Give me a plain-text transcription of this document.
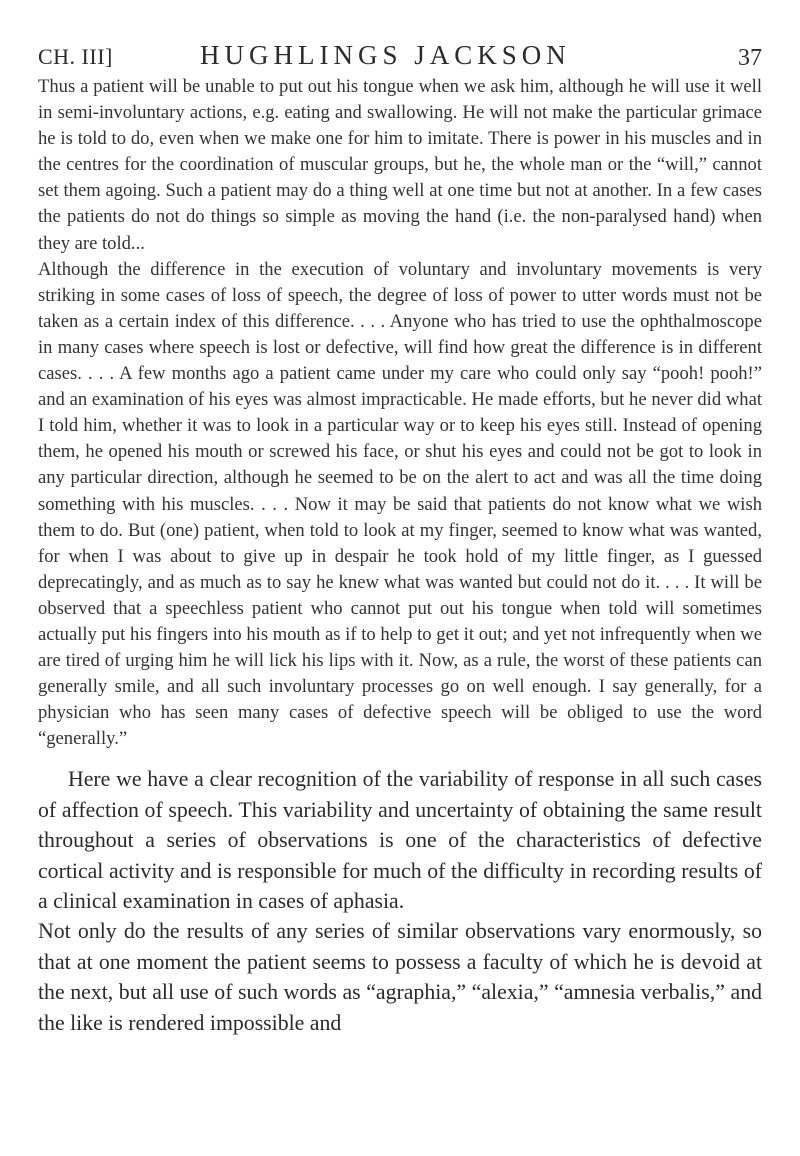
CH. III]	HUGHLINGS JACKSON	37

Thus a patient will be unable to put out his tongue when we ask him, although he will use it well in semi-involuntary actions, e.g. eating and swallowing. He will not make the particular grimace he is told to do, even when we make one for him to imitate. There is power in his muscles and in the centres for the coordination of muscular groups, but he, the whole man or the “will,” cannot set them agoing. Such a patient may do a thing well at one time but not at another. In a few cases the patients do not do things so simple as moving the hand (i.e. the non-paralysed hand) when they are told...

Although the difference in the execution of voluntary and involuntary movements is very striking in some cases of loss of speech, the degree of loss of power to utter words must not be taken as a certain index of this difference. . . . Anyone who has tried to use the ophthalmoscope in many cases where speech is lost or defective, will find how great the difference is in different cases. . . . A few months ago a patient came under my care who could only say “pooh! pooh!” and an examination of his eyes was almost impracticable. He made efforts, but he never did what I told him, whether it was to look in a particular way or to keep his eyes still. Instead of opening them, he opened his mouth or screwed his face, or shut his eyes and could not be got to look in any particular direction, although he seemed to be on the alert to act and was all the time doing something with his muscles. . . . Now it may be said that patients do not know what we wish them to do. But (one) patient, when told to look at my finger, seemed to know what was wanted, for when I was about to give up in despair he took hold of my little finger, as I guessed deprecatingly, and as much as to say he knew what was wanted but could not do it. . . . It will be observed that a speechless patient who cannot put out his tongue when told will sometimes actually put his fingers into his mouth as if to help to get it out; and yet not infrequently when we are tired of urging him he will lick his lips with it. Now, as a rule, the worst of these patients can generally smile, and all such involuntary processes go on well enough. I say generally, for a physician who has seen many cases of defective speech will be obliged to use the word “generally.”

Here we have a clear recognition of the variability of response in all such cases of affection of speech. This variability and uncertainty of obtaining the same result throughout a series of observations is one of the characteristics of defective cortical activity and is responsible for much of the difficulty in recording results of a clinical examination in cases of aphasia.

Not only do the results of any series of similar observations vary enormously, so that at one moment the patient seems to possess a faculty of which he is devoid at the next, but all use of such words as “agraphia,” “alexia,” “amnesia verbalis,” and the like is rendered impossible and
